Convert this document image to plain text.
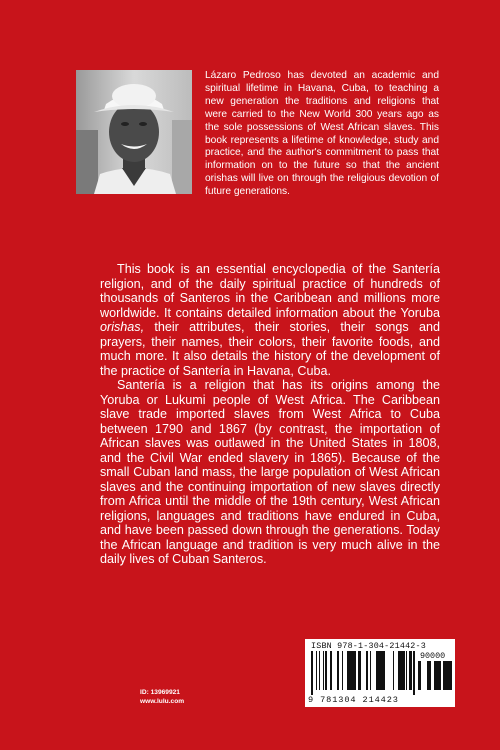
Lázaro Pedroso has devoted an academic and spiritual lifetime in Havana, Cuba, to teaching a new generation the traditions and religions that were carried to the New World 300 years ago as the sole possessions of West African slaves. This book represents a lifetime of knowledge, study and practice, and the author's commitment to pass that information on to the future so that the ancient orishas will live on through the religious devotion of future generations.

This book is an essential encyclopedia of the Santería religion, and of the daily spiritual practice of hundreds of thousands of Santeros in the Caribbean and millions more worldwide. It contains detailed information about the Yoruba orishas, their attributes, their stories, their songs and prayers, their names, their colors, their favorite foods, and much more. It also details the history of the development of the practice of Santería in Havana, Cuba.

Santería is a religion that has its origins among the Yoruba or Lukumi people of West Africa. The Caribbean slave trade imported slaves from West Africa to Cuba between 1790 and 1867 (by contrast, the importation of African slaves was outlawed in the United States in 1808, and the Civil War ended slavery in 1865). Because of the small Cuban land mass, the large population of West African slaves and the continuing importation of new slaves directly from Africa until the middle of the 19th century, West African religions, languages and traditions have endured in Cuba, and have been passed down through the generations. Today the African language and tradition is very much alive in the daily lives of Cuban Santeros.

ISBN 978-1-304-21442-3
90000
9 781304 214423
ID: 13969921
www.lulu.com
